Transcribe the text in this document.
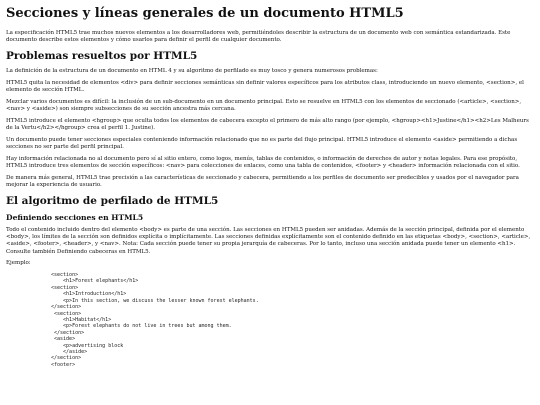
Secciones y líneas generales de un documento HTML5

La especificación HTML5 trae muchos nuevos elementos a los desarrolladores web, permitiéndoles describir la estructura de un documento web con semántica estandarizada. Este documento describe estos elementos y cómo usarlos para definir el perfil de cualquier documento.

Problemas resueltos por HTML5

La definición de la estructura de un documento en HTML 4 y su algoritmo de perfilado es muy tosco y genera numerosos problemas:

HTML5 quita la necesidad de elementos <div> para definir secciones semánticas sin definir valores específicos para los atributos class, introduciendo un nuevo elemento, <section>, el elemento de sección HTML.

Mezclar varios documentos es difícil: la inclusión de un sub-documento en un documento principal. Esto se resuelve en HTML5 con los elementos de seccionado (<article>, <section>, <nav> y <aside>) son siempre subsecciones de su sección ancestra más cercana.

HTML5 introduce el elemento <hgroup> que oculta todos los elementos de cabecera excepto el primero de más alto rango (por ejemplo, <hgroup><h1>Justine</h1><h2>Les Malheurs de la Vertu</h2></hgroup> crea el perfil 1. Justine).

Un documento puede tener secciones especiales conteniendo información relacionado que no es parte del flujo principal. HTML5 introduce el elemento <aside> permitiendo a dichas secciones no ser parte del perfil principal.

Hay información relacionada no al documento pero sí al sitio entero, como logos, menús, tablas de contenidos, o información de derechos de autor y notas legales. Para ese propósito, HTML5 introduce tres elementos de sección específicos: <nav> para colecciones de enlaces, como una tabla de contenidos, <footer> y <header> información relacionada con el sitio.

De manera más general, HTML5 trae precisión a las características de seccionado y cabecera, permitiendo a los perfiles de documento ser predecibles y usados por el navegador para mejorar la experiencia de usuario.

El algoritmo de perfilado de HTML5
Definiendo secciones en HTML5

Todo el contenido incluido dentro del elemento <body> es parte de una sección. Las secciones en HTML5 pueden ser anidadas. Además de la sección principal, definida por el elemento <body>, los límites de la sección son definidos explícita o implícitamente. Las secciones definidas explícitamente son el contenido definido en las etiquetas <body>, <section>, <article>, <aside>, <footer>, <header>, y <nav>. Nota: Cada sección puede tener su propia jerarquía de cabeceras. Por lo tanto, incluso una sección anidada puede tener un elemento <h1>. Consulte también Definiendo cabeceras en HTML5.

Ejemplo:

<section>
<h1>Forest elephants</h1>
<section>
<h1>Introduction</h1>
<p>In this section, we discuss the lesser known forest elephants.
</section>
<section>
<h1>Habitat</h1>
<p>Forest elephants do not live in trees but among them.
</section>
<aside>
<p>advertising block
</aside>
</section>
<footer>
